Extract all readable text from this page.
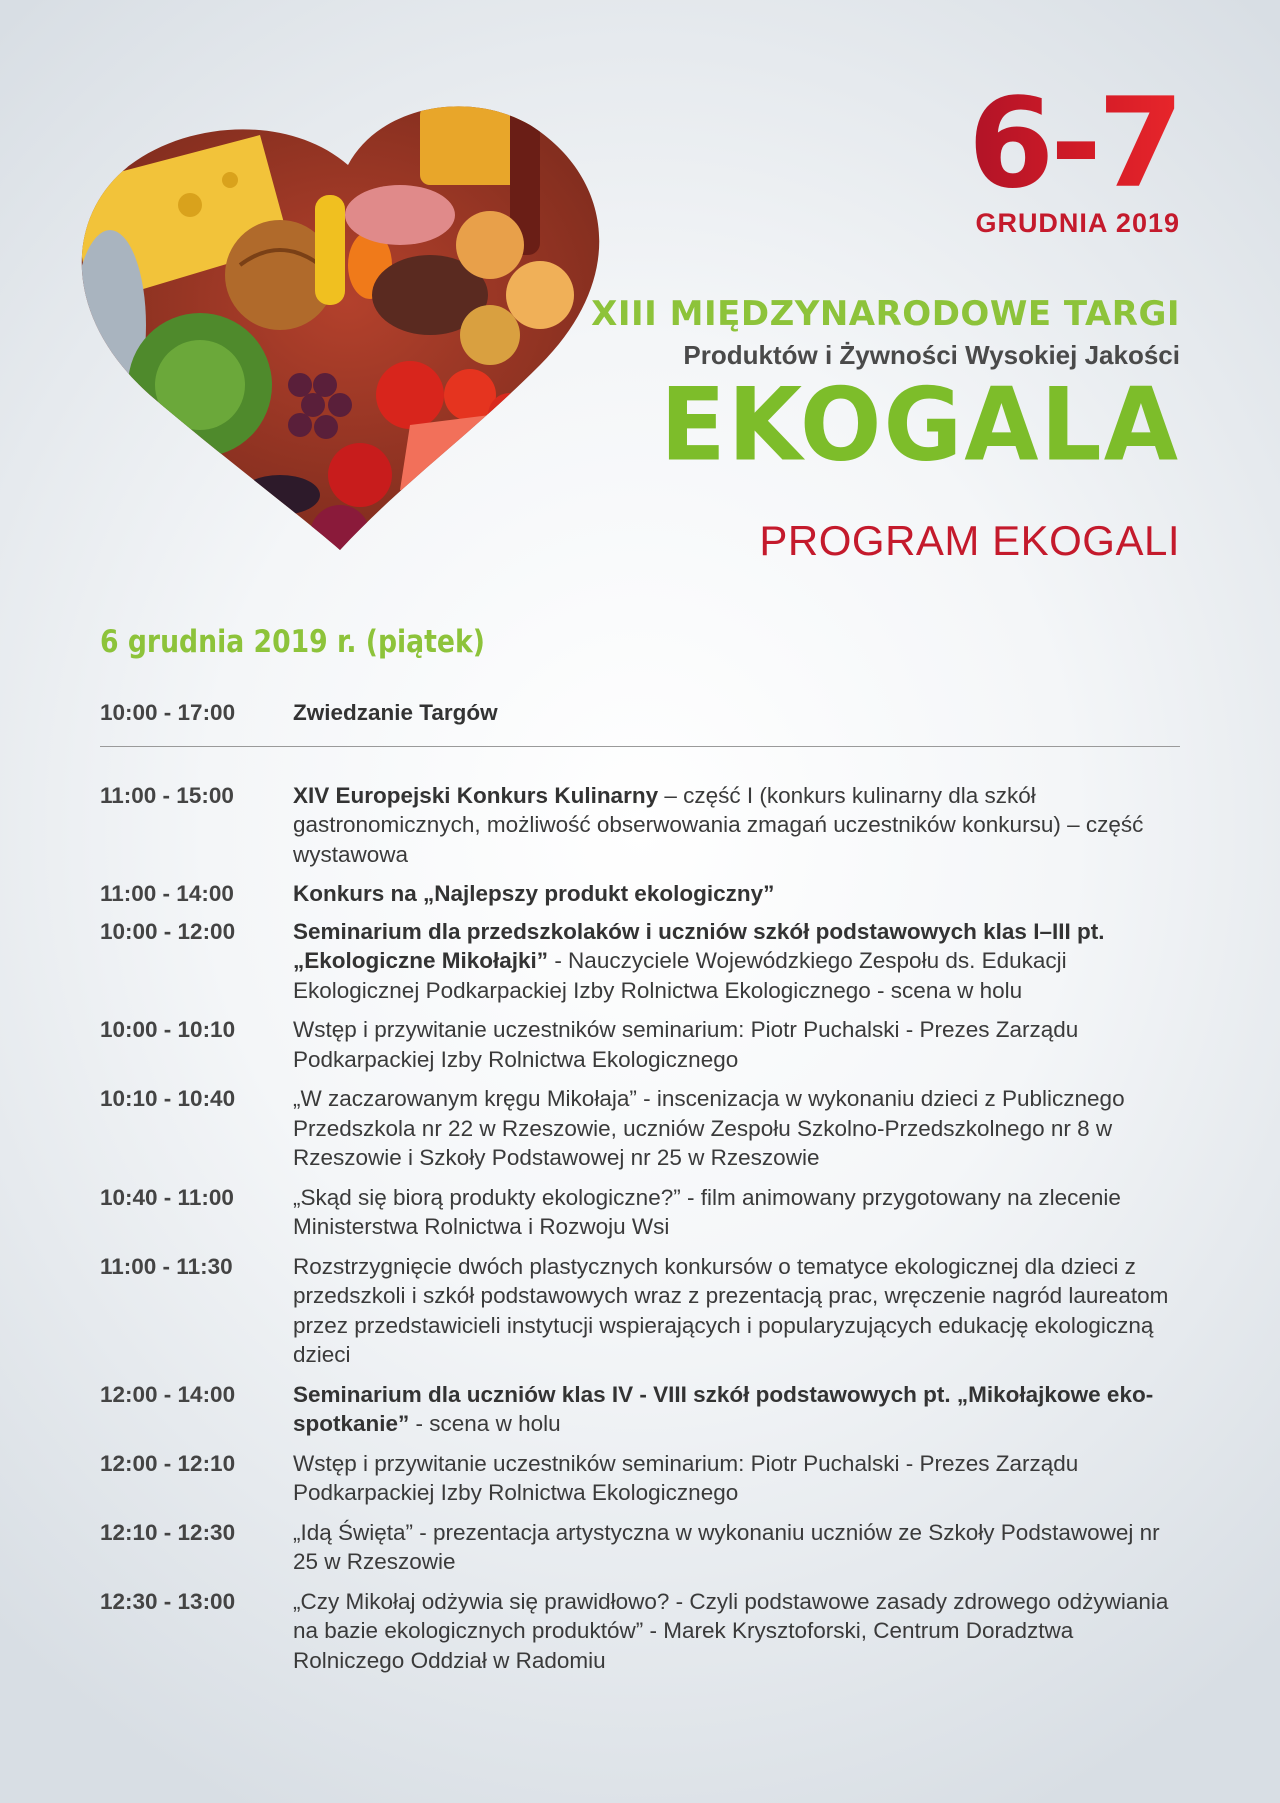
6-7
GRUDNIA 2019
XIII MIĘDZYNARODOWE TARGI
Produktów i Żywności Wysokiej Jakości
EKOGALA
PROGRAM EKOGALI
6 grudnia 2019 r. (piątek)
10:00 - 17:00	Zwiedzanie Targów
11:00 - 15:00	XIV Europejski Konkurs Kulinarny – część I (konkurs kulinarny dla szkół gastronomicznych, możliwość obserwowania zmagań uczestników konkursu) – część wystawowa
11:00 - 14:00	Konkurs na „Najlepszy produkt ekologiczny”
10:00 - 12:00	Seminarium dla przedszkolaków i uczniów szkół podstawowych klas I–III pt. „Ekologiczne Mikołajki” - Nauczyciele Wojewódzkiego Zespołu ds. Edukacji Ekologicznej Podkarpackiej Izby Rolnictwa Ekologicznego - scena w holu
10:00 - 10:10	Wstęp i przywitanie uczestników seminarium: Piotr Puchalski - Prezes Zarządu Podkarpackiej Izby Rolnictwa Ekologicznego
10:10 - 10:40	„W zaczarowanym kręgu Mikołaja” - inscenizacja w wykonaniu dzieci z Publicznego Przedszkola nr 22 w Rzeszowie, uczniów Zespołu Szkolno-Przedszkolnego nr 8 w Rzeszowie i Szkoły Podstawowej nr 25 w Rzeszowie
10:40 - 11:00	„Skąd się biorą produkty ekologiczne?” - film animowany przygotowany na zlecenie Ministerstwa Rolnictwa i Rozwoju Wsi
11:00 - 11:30	Rozstrzygnięcie dwóch plastycznych konkursów o tematyce ekologicznej dla dzieci z przedszkoli i szkół podstawowych wraz z prezentacją prac, wręczenie nagród laureatom przez przedstawicieli instytucji wspierających i popularyzujących edukację ekologiczną dzieci
12:00 - 14:00	Seminarium dla uczniów klas IV - VIII szkół podstawowych pt. „Mikołajkowe eko-spotkanie” - scena w holu
12:00 - 12:10	Wstęp i przywitanie uczestników seminarium: Piotr Puchalski - Prezes Zarządu Podkarpackiej Izby Rolnictwa Ekologicznego
12:10 - 12:30	„Idą Święta” - prezentacja artystyczna w wykonaniu uczniów ze Szkoły Podstawowej nr 25 w Rzeszowie
12:30 - 13:00	„Czy Mikołaj odżywia się prawidłowo? - Czyli podstawowe zasady zdrowego odżywiania na bazie ekologicznych produktów” - Marek Krysztoforski, Centrum Doradztwa Rolniczego Oddział w Radomiu
